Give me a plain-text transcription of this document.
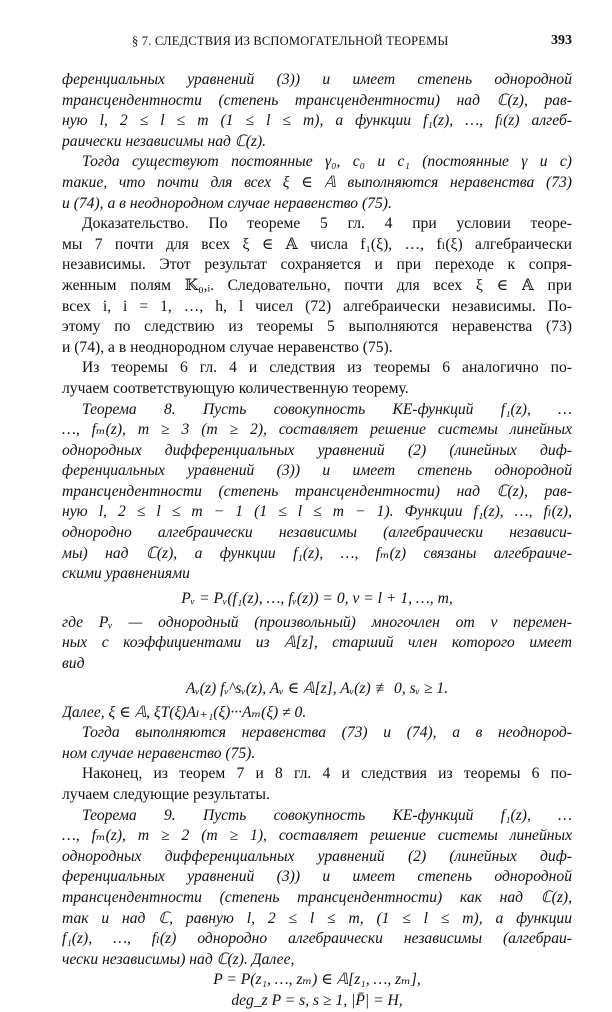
§ 7. СЛЕДСТВИЯ ИЗ ВСПОМОГАТЕЛЬНОЙ ТЕОРЕМЫ	393
ференциальных уравнений (3)) и имеет степень однородной
трансцендентности (степень трансцендентности) над ℂ(z), рав-
ную l, 2 ≤ l ≤ m (1 ≤ l ≤ m), а функции f₁(z), …, fₗ(z) алгеб-
раически независимы над ℂ(z).
Тогда существуют постоянные γ₀, c₀ и c₁ (постоянные γ и c)
такие, что почти для всех ξ ∈ 𝔸 выполняются неравенства (73)
и (74), а в неоднородном случае неравенство (75).
Доказательство. По теореме 5 гл. 4 при условии теоре-
мы 7 почти для всех ξ ∈ 𝔸 числа f₁(ξ), …, fₗ(ξ) алгебраически
независимы. Этот результат сохраняется и при переходе к сопря-
женным полям 𝕂₀,ᵢ. Следовательно, почти для всех ξ ∈ 𝔸 при
всех i, i = 1, …, h, l чисел (72) алгебраически независимы. По-
этому по следствию из теоремы 5 выполняются неравенства (73)
и (74), а в неоднородном случае неравенство (75).
Из теоремы 6 гл. 4 и следствия из теоремы 6 аналогично по-
лучаем соответствующую количественную теорему.
Теорема 8. Пусть совокупность KE-функций f₁(z), …
…, fₘ(z), m ≥ 3 (m ≥ 2), составляет решение системы линейных
однородных дифференциальных уравнений (2) (линейных диф-
ференциальных уравнений (3)) и имеет степень однородной
трансцендентности (степень трансцендентности) над ℂ(z), рав-
ную l, 2 ≤ l ≤ m − 1 (1 ≤ l ≤ m − 1). Функции f₁(z), …, fₗ(z),
однородно алгебраически независимы (алгебраически независи-
мы) над ℂ(z), а функции f₁(z), …, fₘ(z) связаны алгебраиче-
скими уравнениями
Pᵥ = Pᵥ(f₁(z), …, fᵥ(z)) = 0, ν = l + 1, …, m,
где Pᵥ — однородный (произвольный) многочлен от ν перемен-
ных с коэффициентами из 𝔸[z], старший член которого имеет
вид
Aᵥ(z) fᵥ^sᵥ(z), Aᵥ ∈ 𝔸[z], Aᵥ(z) ≢ 0, sᵥ ≥ 1.
Далее, ξ ∈ 𝔸, ξT(ξ)Aₗ₊₁(ξ)···Aₘ(ξ) ≠ 0.
Тогда выполняются неравенства (73) и (74), а в неоднород-
ном случае неравенство (75).
Наконец, из теорем 7 и 8 гл. 4 и следствия из теоремы 6 по-
лучаем следующие результаты.
Теорема 9. Пусть совокупность KE-функций f₁(z), …
…, fₘ(z), m ≥ 2 (m ≥ 1), составляет решение системы линейных
однородных дифференциальных уравнений (2) (линейных диф-
ференциальных уравнений (3)) и имеет степень однородной
трансцендентности (степень трансцендентности) как над ℂ(z),
так и над ℂ, равную l, 2 ≤ l ≤ m, (1 ≤ l ≤ m), а функции
f₁(z), …, fₗ(z) однородно алгебраически независимы (алгебраи-
чески независимы) над ℂ(z). Далее,
P = P(z₁, …, zₘ) ∈ 𝔸[z₁, …, zₘ],
deg_z P = s, s ≥ 1, |P̄| = H,
